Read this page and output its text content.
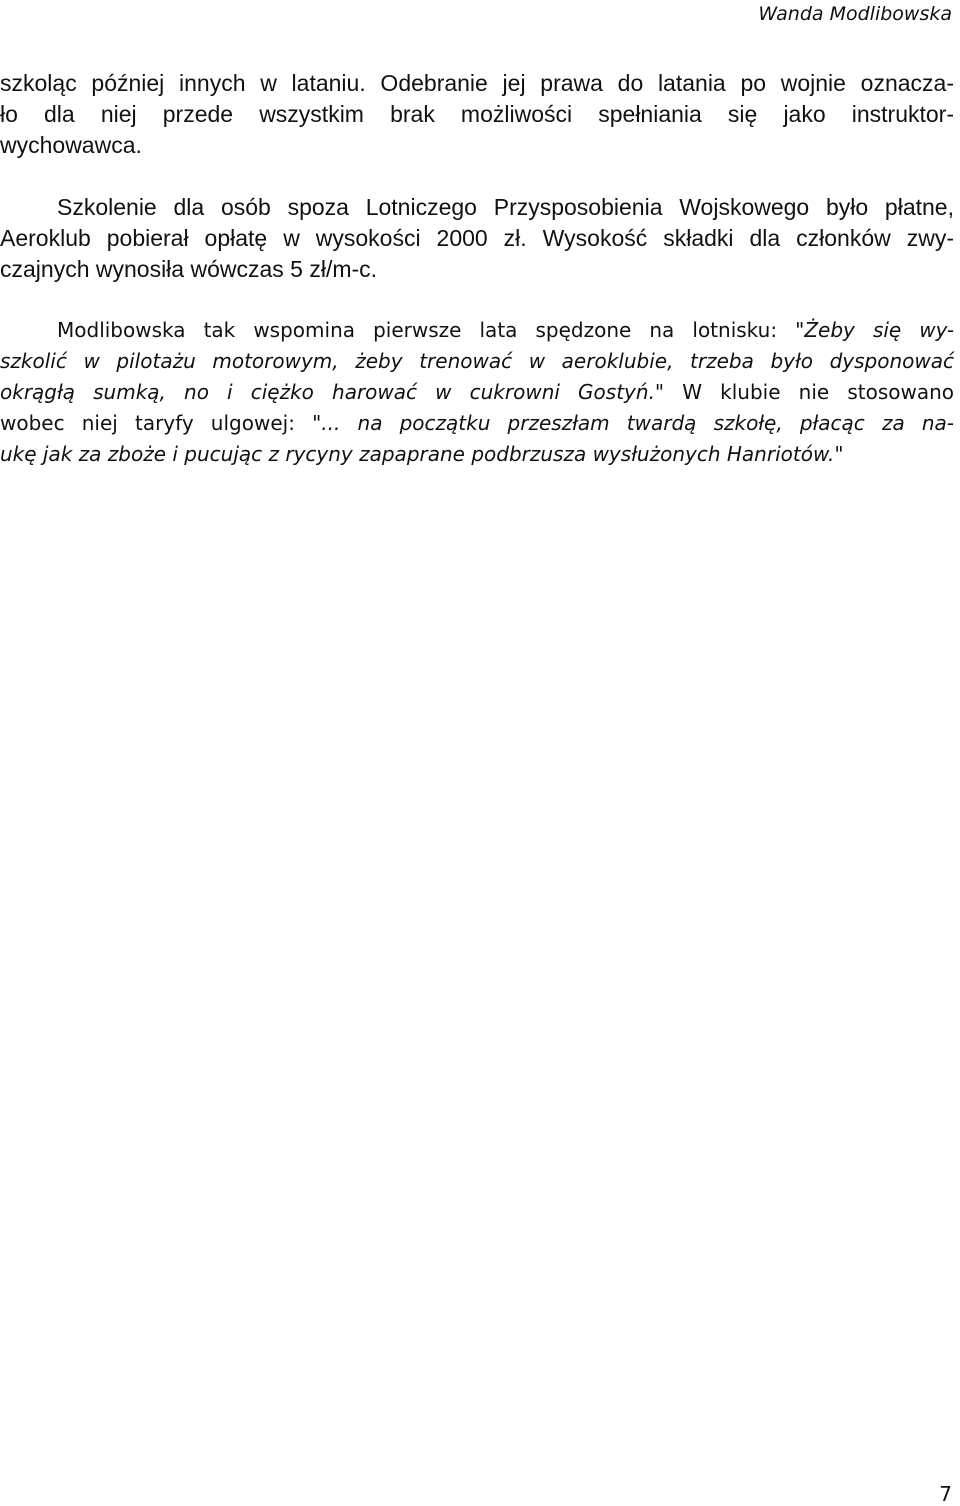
Wanda Modlibowska
szkoląc później innych w lataniu. Odebranie jej prawa do latania po wojnie oznacza-
ło dla niej przede wszystkim brak możliwości spełniania się jako instruktor-
wychowawca.
Szkolenie dla osób spoza Lotniczego Przysposobienia Wojskowego było płatne,
Aeroklub pobierał opłatę w wysokości 2000 zł. Wysokość składki dla członków zwy-
czajnych wynosiła wówczas 5 zł/m-c.
Modlibowska tak wspomina pierwsze lata spędzone na lotnisku: "Żeby się wy-
szkolić w pilotażu motorowym, żeby trenować w aeroklubie, trzeba było dysponować
okrągłą sumką, no i ciężko harować w cukrowni Gostyń." W klubie nie stosowano
wobec niej taryfy ulgowej: "... na początku przeszłam twardą szkołę, płacąc za na-
ukę jak za zboże i pucując z rycyny zapaprane podbrzusza wysłużonych Hanriotów."
7
